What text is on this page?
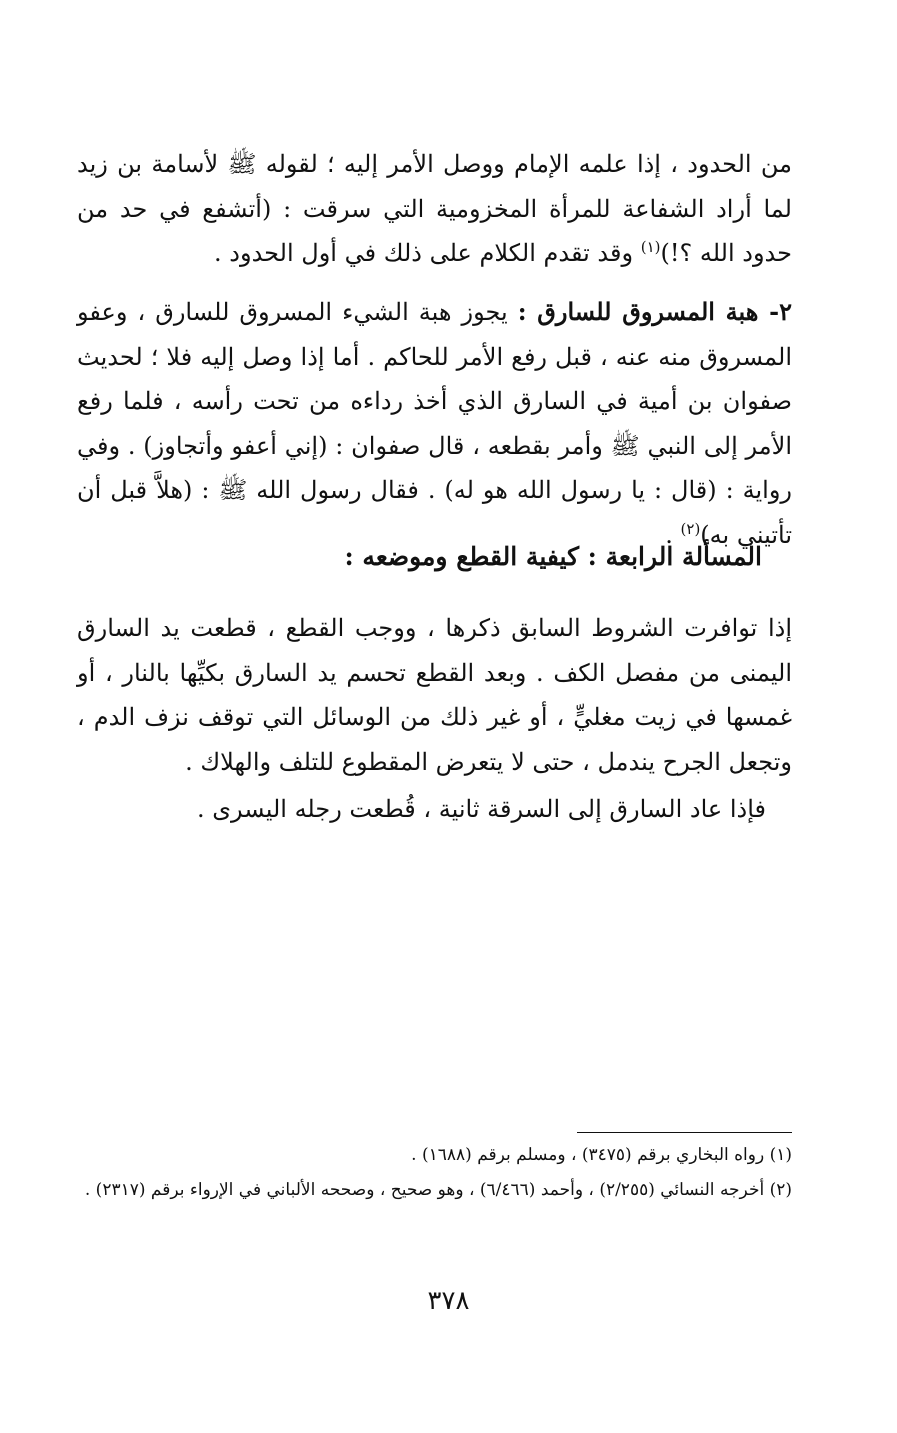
من الحدود ، إذا علمه الإمام ووصل الأمر إليه ؛ لقوله ﷺ لأسامة بن زيد لما أراد الشفاعة للمرأة المخزومية التي سرقت : (أتشفع في حد من حدود الله ؟!)$^{(١)}$ وقد تقدم الكلام على ذلك في أول الحدود .

٢- هبة المسروق للسارق : يجوز هبة الشيء المسروق للسارق ، وعفو المسروق منه عنه ، قبل رفع الأمر للحاكم . أما إذا وصل إليه فلا ؛ لحديث صفوان بن أمية في السارق الذي أخذ رداءه من تحت رأسه ، فلما رفع الأمر إلى النبي ﷺ وأمر بقطعه ، قال صفوان : (إني أعفو وأتجاوز) . وفي رواية : (قال : يا رسول الله هو له) . فقال رسول الله ﷺ : (هلاَّ قبل أن تأتيني به)$^{(٢)}$ .

المسألة الرابعة : كيفية القطع وموضعه :

إذا توافرت الشروط السابق ذكرها ، ووجب القطع ، قطعت يد السارق اليمنى من مفصل الكف . وبعد القطع تحسم يد السارق بكيِّها بالنار ، أو غمسها في زيت مغليٍّ ، أو غير ذلك من الوسائل التي توقف نزف الدم ، وتجعل الجرح يندمل ، حتى لا يتعرض المقطوع للتلف والهلاك .

فإذا عاد السارق إلى السرقة ثانية ، قُطعت رجله اليسرى .

(١) رواه البخاري برقم (٣٤٧٥) ، ومسلم برقم (١٦٨٨) .
(٢) أخرجه النسائي (٢/٢٥٥) ، وأحمد (٦/٤٦٦) ، وهو صحيح ، وصححه الألباني في الإرواء برقم (٢٣١٧) .
٣٧٨
